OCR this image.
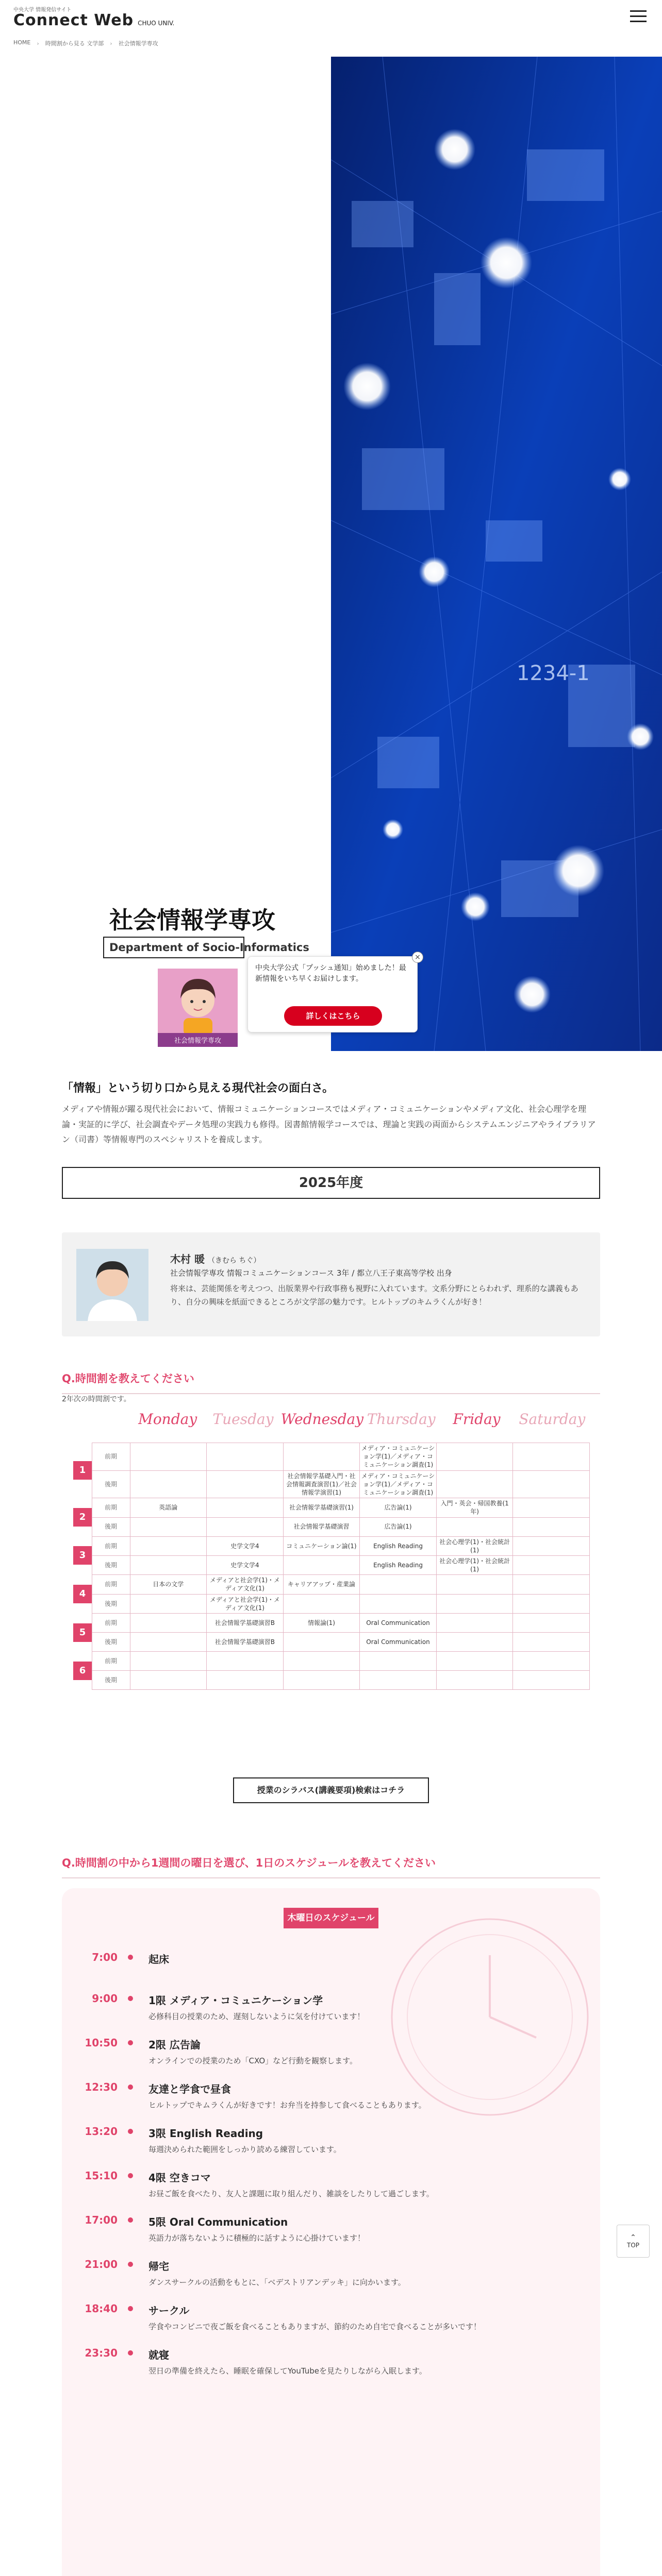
中央大学 情報発信サイト
Connect Web CHUO UNIV.
HOME	› 時間割から見る 文学部	› 社会情報学専攻
1234-1
社会情報学専攻
Department of Socio-Informatics
社会情報学専攻
中央大学公式「プッシュ通知」始めました！最新情報をいち早くお届けします。
詳しくはこちら
×
「情報」という切り口から見える現代社会の面白さ。
メディアや情報が躍る現代社会において、情報コミュニケーションコースではメディア・コミュニケーションやメディア文化、社会心理学を理論・実証的に学び、社会調査やデータ処理の実践力も修得。図書館情報学コースでは、理論と実践の両面からシステムエンジニアやライブラリアン（司書）等情報専門のスペシャリストを養成します。
2025年度
木村 暖 （きむら ちぐ）
社会情報学専攻 情報コミュニケーションコース 3年 / 都立八王子東高等学校 出身
将来は、芸能関係を考えつつ、出版業界や行政事務も視野に入れています。文系分野にとらわれず、理系的な講義もあり、自分の興味を紙面できるところが文学部の魅力です。ヒルトップのキムラくんが好き！
Q.時間割を教えてください
2年次の時間割です。
Monday	Tuesday Wednesday Thursday	Friday	Saturday
1	前期				メディア・コミュニケーション学(1)／メディア・コミュニケーション調査(1)		
	後期			社会情報学基礎入門・社会情報調査演習(1)／社会情報学演習(1)	メディア・コミュニケーション学(1)／メディア・コミュニケーション調査(1)		
2	前期	英語論		社会情報学基礎演習(1)	広告論(1)	入門・英会・帰国教養(1年)	
	後期			社会情報学基礎演習	広告論(1)		
3	前期		史学文学4	コミュニケーション論(1)	English Reading	社会心理学(1)・社会統計(1)	
	後期		史学文学4		English Reading	社会心理学(1)・社会統計(1)	
4	前期	日本の文学	メディアと社会学(1)・メディア文化(1)	キャリアアップ・産業論			
	後期		メディアと社会学(1)・メディア文化(1)				
5	前期		社会情報学基礎演習B	情報論(1)	Oral Communication		
	後期		社会情報学基礎演習B		Oral Communication		
6	前期						
	後期						
授業のシラバス(講義要項)検索はコチラ
Q.時間割の中から1週間の曜日を選び、1日のスケジュールを教えてください
木曜日のスケジュール
7:00	起床
9:00	1限 メディア・コミュニケーション学
必修科目の授業のため、遅刻しないように気を付けています！
10:50	2限 広告論
オンラインでの授業のため「CXO」など行動を観察します。
12:30	友達と学食で昼食
ヒルトップでキムラくんが好きです！お弁当を持参して食べることもあります。
13:20	3限 English Reading
毎週決められた範囲をしっかり読める練習しています。
15:10	4限 空きコマ
お昼ご飯を食べたり、友人と課題に取り組んだり、雑談をしたりして過ごします。
17:00	5限 Oral Communication
英語力が落ちないように積極的に話すように心掛けています！
21:00	帰宅
ダンスサークルの活動をもとに、「ベデストリアンデッキ」に向かいます。
18:40	サークル
学食やコンビニで夜ご飯を食べることもありますが、節約のため自宅で食べることが多いです！
23:30	就寝
翌日の準備を終えたら、睡眠を確保してYouTubeを見たりしながら入眠します。
⌃
TOP
